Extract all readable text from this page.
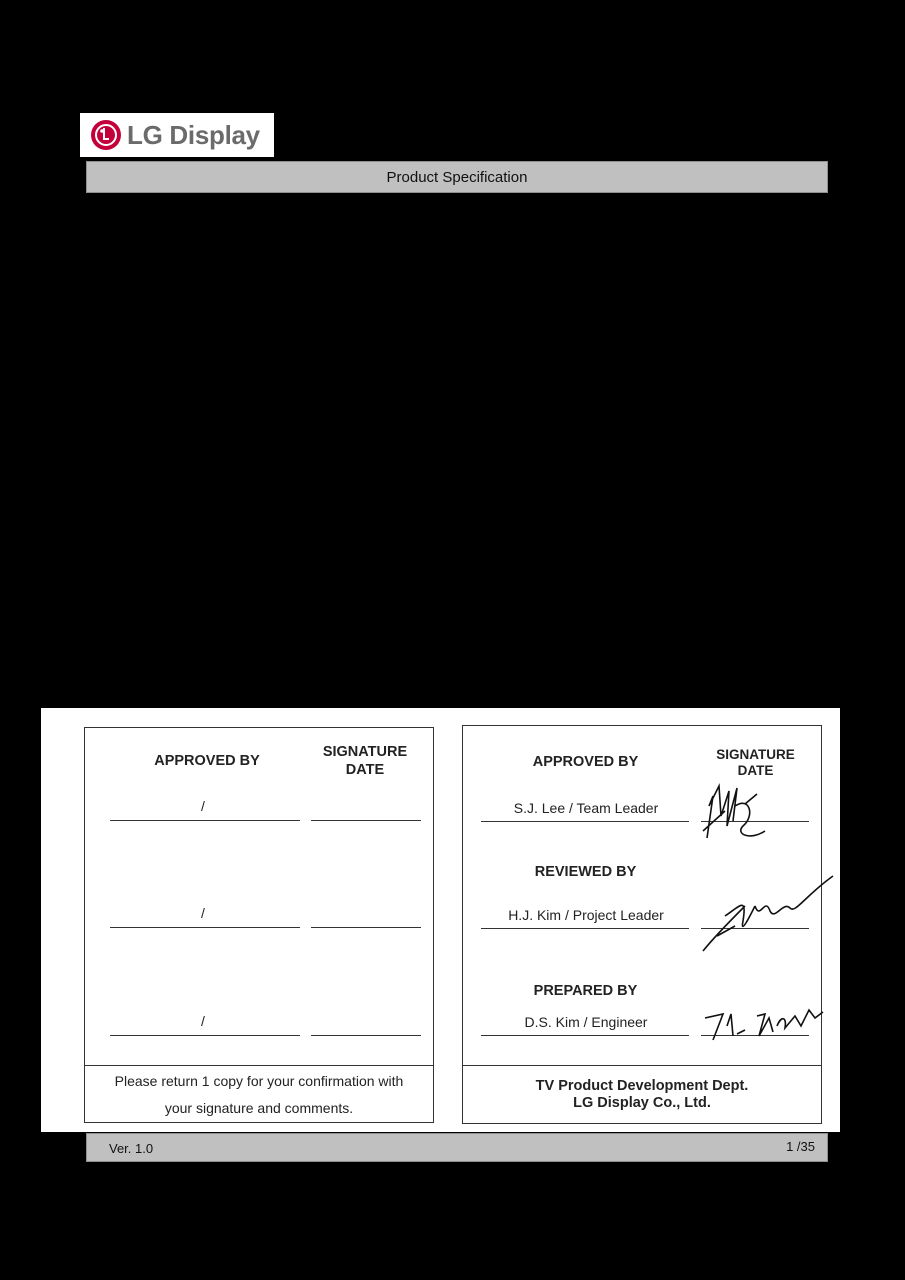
LG Display
Product Specification
APPROVED BY
SIGNATURE
DATE
/
/
/
Please return 1 copy for your confirmation with
your signature and comments.
APPROVED BY	SIGNATURE
DATE
S.J. Lee / Team Leader
REVIEWED BY
H.J. Kim / Project Leader
PREPARED BY
D.S. Kim / Engineer
TV Product Development Dept.
LG Display Co., Ltd.
Ver. 1.0	1 /35
